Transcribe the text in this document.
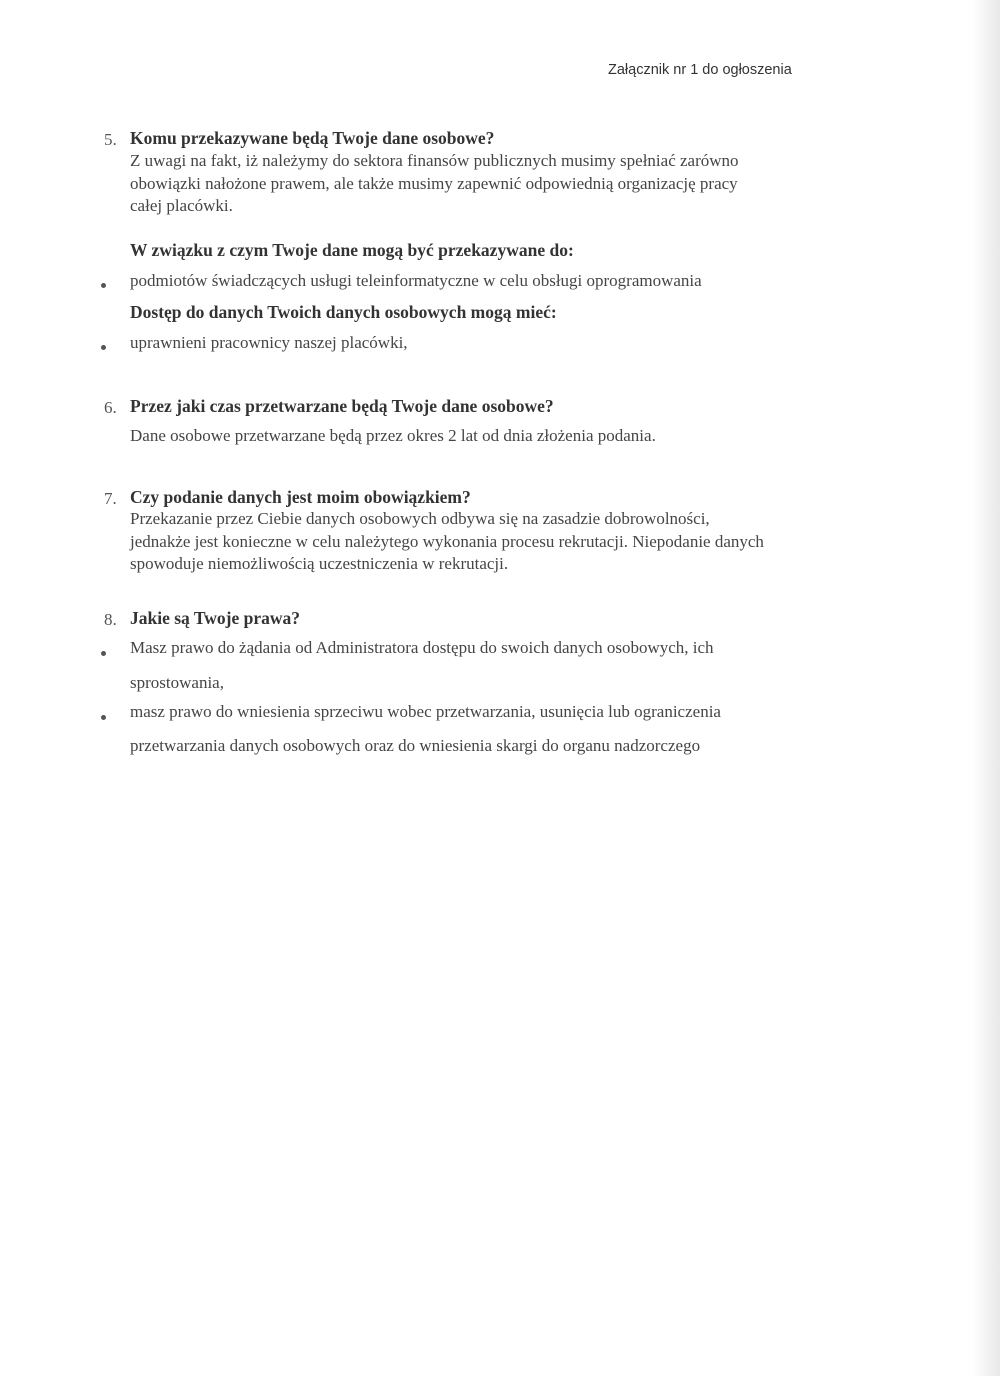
Załącznik nr 1 do ogłoszenia
5. Komu przekazywane będą Twoje dane osobowe?
Z uwagi na fakt, iż należymy do sektora finansów publicznych musimy spełniać zarówno
obowiązki nałożone prawem, ale także musimy zapewnić odpowiednią organizację pracy
całej placówki.
W związku z czym Twoje dane mogą być przekazywane do:
podmiotów świadczących usługi teleinformatyczne w celu obsługi oprogramowania
Dostęp do danych Twoich danych osobowych mogą mieć:
uprawnieni pracownicy naszej placówki,
6. Przez jaki czas przetwarzane będą Twoje dane osobowe?
Dane osobowe przetwarzane będą przez okres 2 lat od dnia złożenia podania.
7. Czy podanie danych jest moim obowiązkiem?
Przekazanie przez Ciebie danych osobowych odbywa się na zasadzie dobrowolności,
jednakże jest konieczne w celu należytego wykonania procesu rekrutacji. Niepodanie danych
spowoduje niemożliwością uczestniczenia w rekrutacji.
8. Jakie są Twoje prawa?
Masz prawo do żądania od Administratora dostępu do swoich danych osobowych, ich
sprostowania,
masz prawo do wniesienia sprzeciwu wobec przetwarzania, usunięcia lub ograniczenia
przetwarzania danych osobowych oraz do wniesienia skargi do organu nadzorczego
